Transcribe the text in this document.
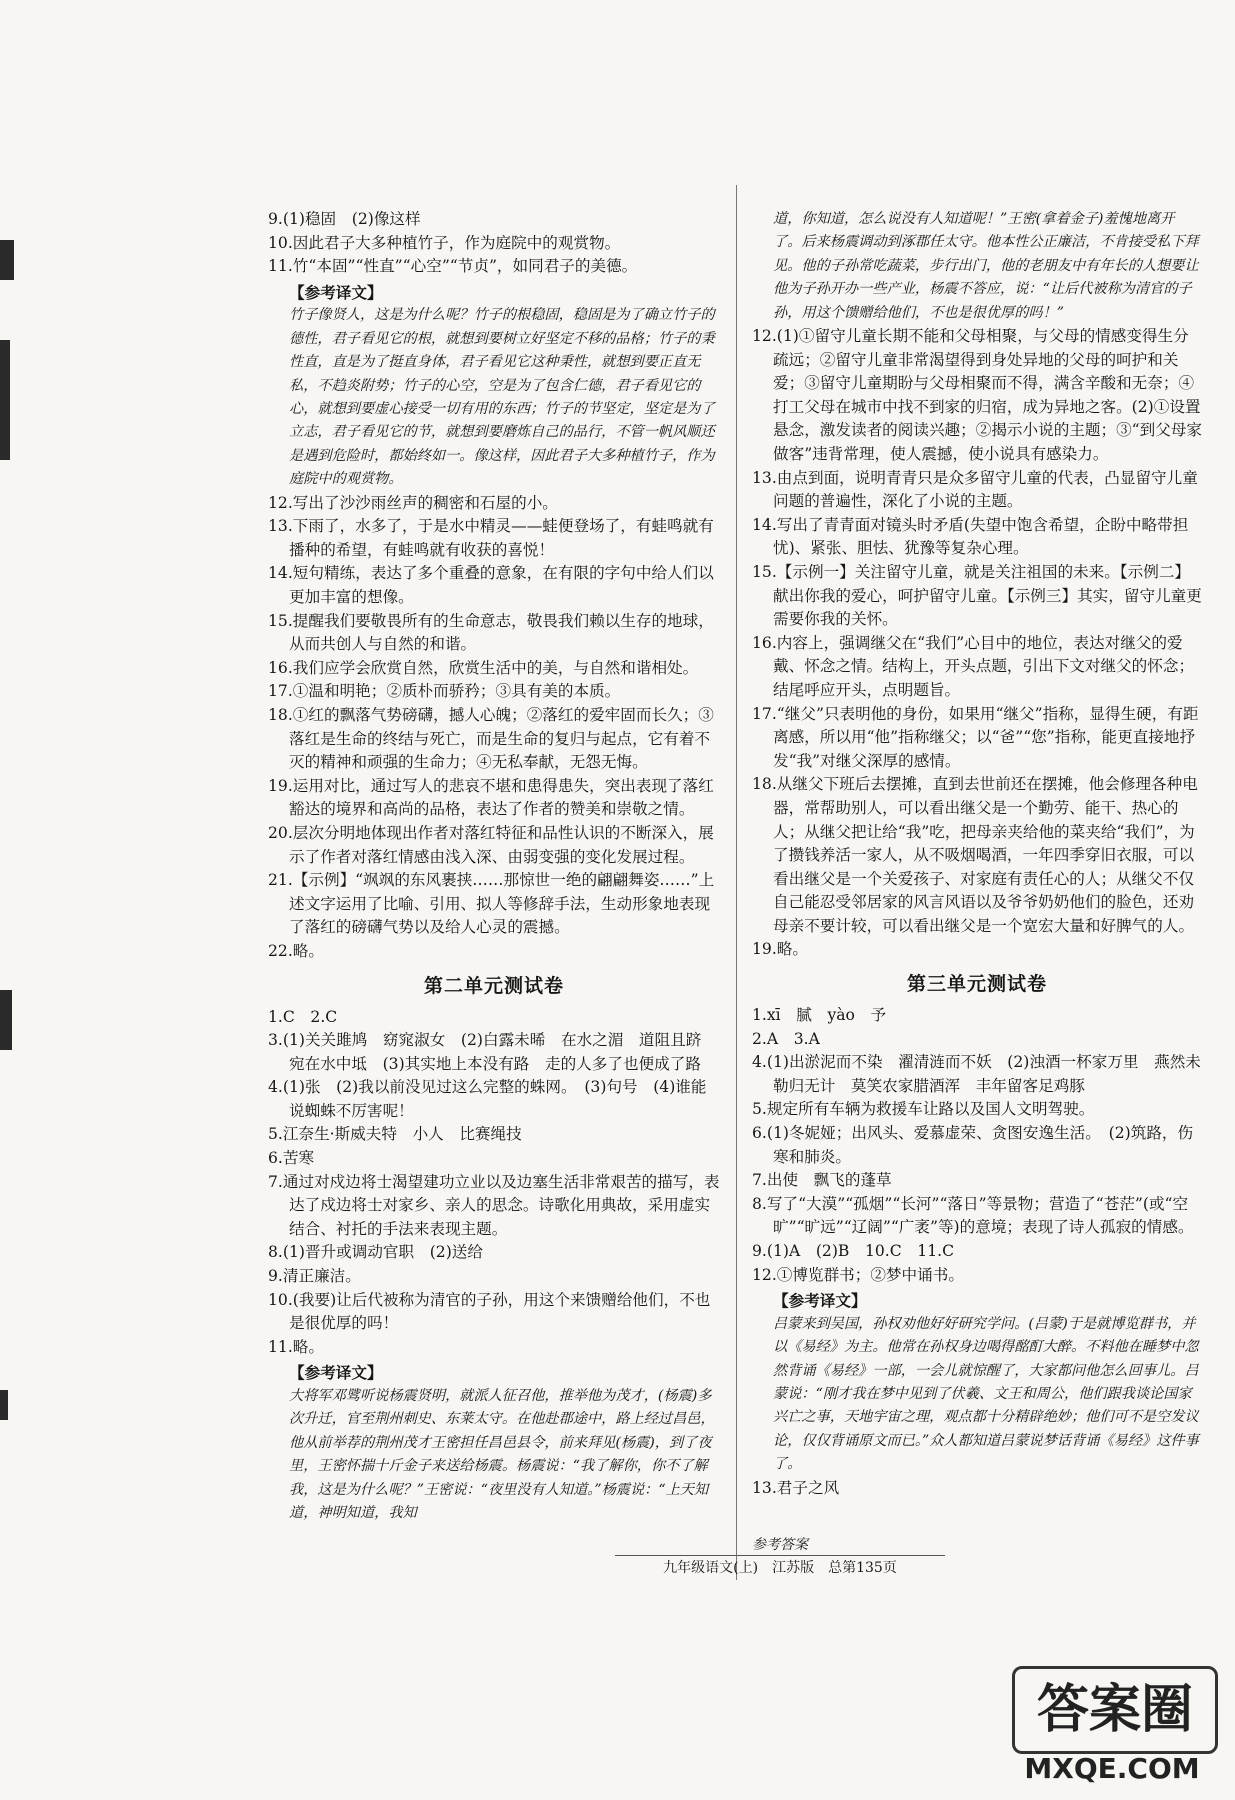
9.(1)稳固　(2)像这样

10.因此君子大多种植竹子，作为庭院中的观赏物。

11.竹“本固”“性直”“心空”“节贞”，如同君子的美德。

【参考译文】

竹子像贤人，这是为什么呢？竹子的根稳固，稳固是为了确立竹子的德性，君子看见它的根，就想到要树立好坚定不移的品格；竹子的秉性直，直是为了挺直身体，君子看见它这种秉性，就想到要正直无私，不趋炎附势；竹子的心空，空是为了包含仁德，君子看见它的心，就想到要虚心接受一切有用的东西；竹子的节坚定，坚定是为了立志，君子看见它的节，就想到要磨炼自己的品行，不管一帆风顺还是遇到危险时，都始终如一。像这样，因此君子大多种植竹子，作为庭院中的观赏物。

12.写出了沙沙雨丝声的稠密和石屋的小。

13.下雨了，水多了，于是水中精灵——蛙便登场了，有蛙鸣就有播种的希望，有蛙鸣就有收获的喜悦！

14.短句精练，表达了多个重叠的意象，在有限的字句中给人们以更加丰富的想像。

15.提醒我们要敬畏所有的生命意志，敬畏我们赖以生存的地球，从而共创人与自然的和谐。

16.我们应学会欣赏自然，欣赏生活中的美，与自然和谐相处。

17.①温和明艳；②质朴而骄矜；③具有美的本质。

18.①红的飘落气势磅礴，撼人心魄；②落红的爱牢固而长久；③落红是生命的终结与死亡，而是生命的复归与起点，它有着不灭的精神和顽强的生命力；④无私奉献，无怨无悔。

19.运用对比，通过写人的悲哀不堪和患得患失，突出表现了落红豁达的境界和高尚的品格，表达了作者的赞美和崇敬之情。

20.层次分明地体现出作者对落红特征和品性认识的不断深入，展示了作者对落红情感由浅入深、由弱变强的变化发展过程。

21.【示例】“飒飒的东风裹挟……那惊世一绝的翩翩舞姿……”上述文字运用了比喻、引用、拟人等修辞手法，生动形象地表现了落红的磅礴气势以及给人心灵的震撼。

22.略。

第二单元测试卷

1.C　2.C

3.(1)关关雎鸠　窈窕淑女　(2)白露未晞　在水之湄　道阻且跻　宛在水中坻　(3)其实地上本没有路　走的人多了也便成了路

4.(1)张　(2)我以前没见过这么完整的蛛网。　(3)句号　(4)谁能说蜘蛛不厉害呢！

5.江奈生·斯威夫特　小人　比赛绳技

6.苦寒

7.通过对戍边将士渴望建功立业以及边塞生活非常艰苦的描写，表达了戍边将士对家乡、亲人的思念。诗歌化用典故，采用虚实结合、衬托的手法来表现主题。

8.(1)晋升或调动官职　(2)送给

9.清正廉洁。

10.(我要)让后代被称为清官的子孙，用这个来馈赠给他们，不也是很优厚的吗！

11.略。

【参考译文】

大将军邓骘听说杨震贤明，就派人征召他，推举他为茂才，(杨震)多次升迁，官至荆州刺史、东莱太守。在他赴郡途中，路上经过昌邑，他从前举荐的荆州茂才王密担任昌邑县令，前来拜见(杨震)，到了夜里，王密怀揣十斤金子来送给杨震。杨震说：“我了解你，你不了解我，这是为什么呢？”王密说：“夜里没有人知道。”杨震说：“上天知道，神明知道，我知

道，你知道，怎么说没有人知道呢！”王密(拿着金子)羞愧地离开了。后来杨震调动到涿郡任太守。他本性公正廉洁，不肯接受私下拜见。他的子孙常吃蔬菜，步行出门，他的老朋友中有年长的人想要让他为子孙开办一些产业，杨震不答应，说：“让后代被称为清官的子孙，用这个馈赠给他们，不也是很优厚的吗！”

12.(1)①留守儿童长期不能和父母相聚，与父母的情感变得生分疏远；②留守儿童非常渴望得到身处异地的父母的呵护和关爱；③留守儿童期盼与父母相聚而不得，满含辛酸和无奈；④打工父母在城市中找不到家的归宿，成为异地之客。(2)①设置悬念，激发读者的阅读兴趣；②揭示小说的主题；③“到父母家做客”违背常理，使人震撼，使小说具有感染力。

13.由点到面，说明青青只是众多留守儿童的代表，凸显留守儿童问题的普遍性，深化了小说的主题。

14.写出了青青面对镜头时矛盾(失望中饱含希望，企盼中略带担忧)、紧张、胆怯、犹豫等复杂心理。

15.【示例一】关注留守儿童，就是关注祖国的未来。【示例二】献出你我的爱心，呵护留守儿童。【示例三】其实，留守儿童更需要你我的关怀。

16.内容上，强调继父在“我们”心目中的地位，表达对继父的爱戴、怀念之情。结构上，开头点题，引出下文对继父的怀念；结尾呼应开头，点明题旨。

17.“继父”只表明他的身份，如果用“继父”指称，显得生硬，有距离感，所以用“他”指称继父；以“爸”“您”指称，能更直接地抒发“我”对继父深厚的感情。

18.从继父下班后去摆摊，直到去世前还在摆摊，他会修理各种电器，常帮助别人，可以看出继父是一个勤劳、能干、热心的人；从继父把让给“我”吃，把母亲夹给他的菜夹给“我们”，为了攒钱养活一家人，从不吸烟喝酒，一年四季穿旧衣服，可以看出继父是一个关爱孩子、对家庭有责任心的人；从继父不仅自己能忍受邻居家的风言风语以及爷爷奶奶他们的脸色，还劝母亲不要计较，可以看出继父是一个宽宏大量和好脾气的人。

19.略。

第三单元测试卷

1.xī　腻　yào　予

2.A　3.A

4.(1)出淤泥而不染　濯清涟而不妖　(2)浊酒一杯家万里　燕然未勒归无计　莫笑农家腊酒浑　丰年留客足鸡豚

5.规定所有车辆为救援车让路以及国人文明驾驶。

6.(1)冬妮娅；出风头、爱慕虚荣、贪图安逸生活。　(2)筑路，伤寒和肺炎。

7.出使　飘飞的蓬草

8.写了“大漠”“孤烟”“长河”“落日”等景物；营造了“苍茫”(或“空旷”“旷远”“辽阔”“广袤”等)的意境；表现了诗人孤寂的情感。

9.(1)A　(2)B　10.C　11.C

12.①博览群书；②梦中诵书。

【参考译文】

吕蒙来到吴国，孙权劝他好好研究学问。(吕蒙)于是就博览群书，并以《易经》为主。他常在孙权身边喝得酩酊大醉。不料他在睡梦中忽然背诵《易经》一部，一会儿就惊醒了，大家都问他怎么回事儿。吕蒙说：“刚才我在梦中见到了伏羲、文王和周公，他们跟我谈论国家兴亡之事，天地宇宙之理，观点都十分精辟绝妙；他们可不是空发议论，仅仅背诵原文而已。”众人都知道吕蒙说梦话背诵《易经》这件事了。

13.君子之风

参考答案
九年级语文(上)　江苏版　总第135页
答案圈
MXQE.COM
